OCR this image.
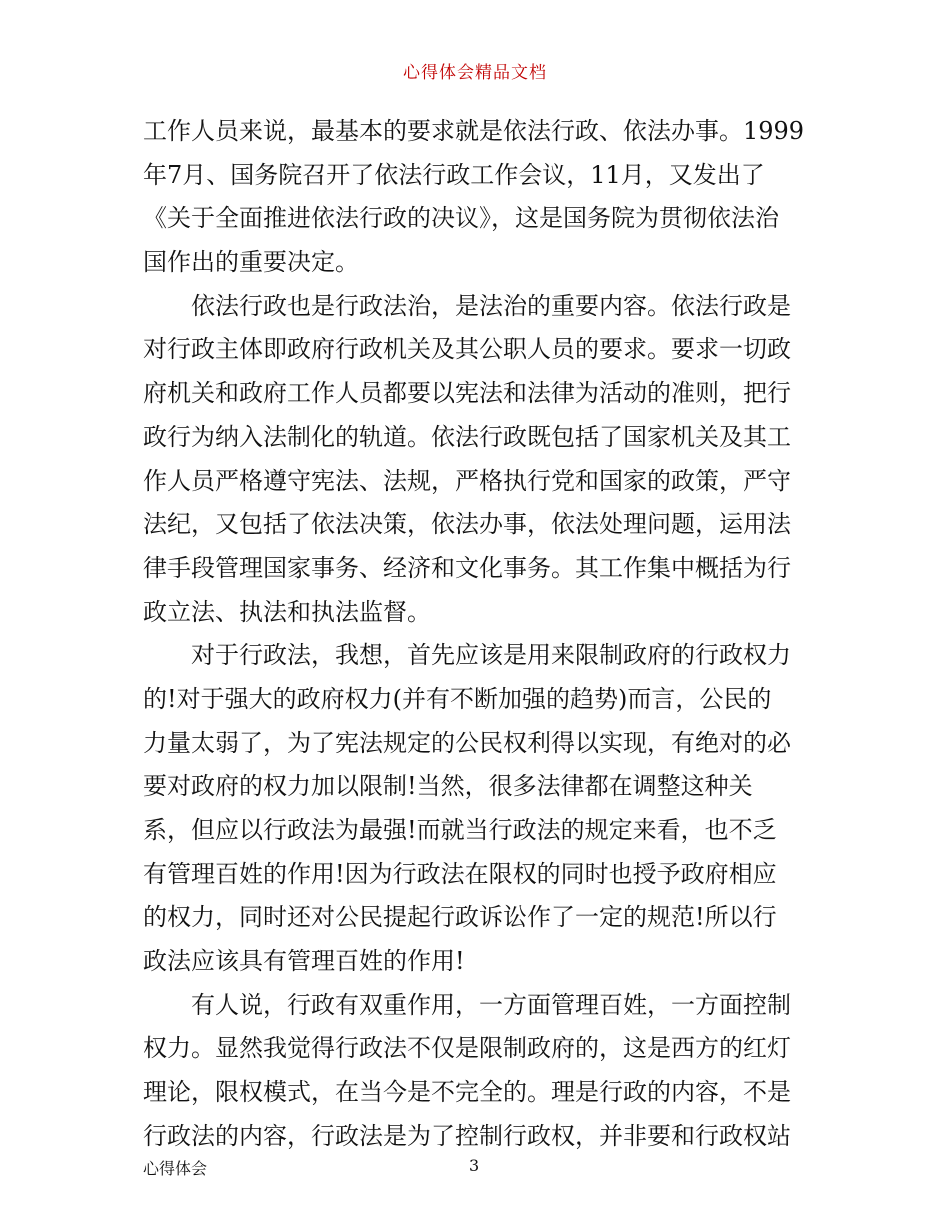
心得体会精品文档
工作人员来说，最基本的要求就是依法行政、依法办事。1999
年7月、国务院召开了依法行政工作会议，11月，又发出了
《关于全面推进依法行政的决议》，这是国务院为贯彻依法治
国作出的重要决定。
依法行政也是行政法治，是法治的重要内容。依法行政是
对行政主体即政府行政机关及其公职人员的要求。要求一切政
府机关和政府工作人员都要以宪法和法律为活动的准则，把行
政行为纳入法制化的轨道。依法行政既包括了国家机关及其工
作人员严格遵守宪法、法规，严格执行党和国家的政策，严守
法纪，又包括了依法决策，依法办事，依法处理问题，运用法
律手段管理国家事务、经济和文化事务。其工作集中概括为行
政立法、执法和执法监督。
对于行政法，我想，首先应该是用来限制政府的行政权力
的!对于强大的政府权力(并有不断加强的趋势)而言，公民的
力量太弱了，为了宪法规定的公民权利得以实现，有绝对的必
要对政府的权力加以限制!当然，很多法律都在调整这种关
系，但应以行政法为最强!而就当行政法的规定来看，也不乏
有管理百姓的作用!因为行政法在限权的同时也授予政府相应
的权力，同时还对公民提起行政诉讼作了一定的规范!所以行
政法应该具有管理百姓的作用!
有人说，行政有双重作用，一方面管理百姓，一方面控制
权力。显然我觉得行政法不仅是限制政府的，这是西方的红灯
理论，限权模式，在当今是不完全的。理是行政的内容，不是
行政法的内容，行政法是为了控制行政权，并非要和行政权站
心得体会	3
